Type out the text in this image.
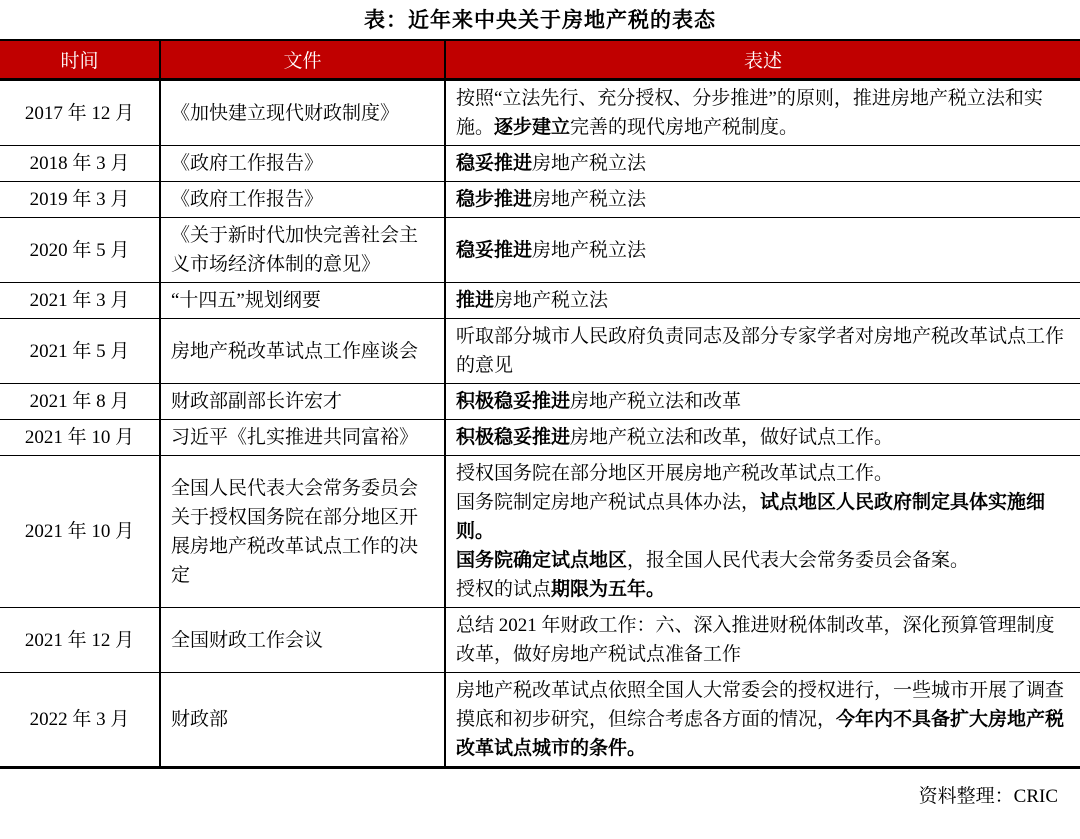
表：近年来中央关于房地产税的表态
时间	文件	表述
2017 年 12 月	《加快建立现代财政制度》	按照“立法先行、充分授权、分步推进”的原则，推进房地产税立法和实施。逐步建立完善的现代房地产税制度。

2018 年 3 月	《政府工作报告》	稳妥推进房地产税立法

2019 年 3 月	《政府工作报告》	稳步推进房地产税立法

2020 年 5 月	《关于新时代加快完善社会主义市场经济体制的意见》	稳妥推进房地产税立法

2021 年 3 月	“十四五”规划纲要	推进房地产税立法

2021 年 5 月	房地产税改革试点工作座谈会	听取部分城市人民政府负责同志及部分专家学者对房地产税改革试点工作的意见

2021 年 8 月	财政部副部长许宏才	积极稳妥推进房地产税立法和改革

2021 年 10 月	习近平《扎实推进共同富裕》	积极稳妥推进房地产税立法和改革，做好试点工作。

2021 年 10 月	全国人民代表大会常务委员会关于授权国务院在部分地区开展房地产税改革试点工作的决定	授权国务院在部分地区开展房地产税改革试点工作。
国务院制定房地产税试点具体办法，试点地区人民政府制定具体实施细则。
国务院确定试点地区，报全国人民代表大会常务委员会备案。
授权的试点期限为五年。

2021 年 12 月	全国财政工作会议	总结 2021 年财政工作：六、深入推进财税体制改革，深化预算管理制度改革，做好房地产税试点准备工作

2022 年 3 月	财政部	房地产税改革试点依照全国人大常委会的授权进行，一些城市开展了调查摸底和初步研究，但综合考虑各方面的情况，今年内不具备扩大房地产税改革试点城市的条件。
资料整理：CRIC
